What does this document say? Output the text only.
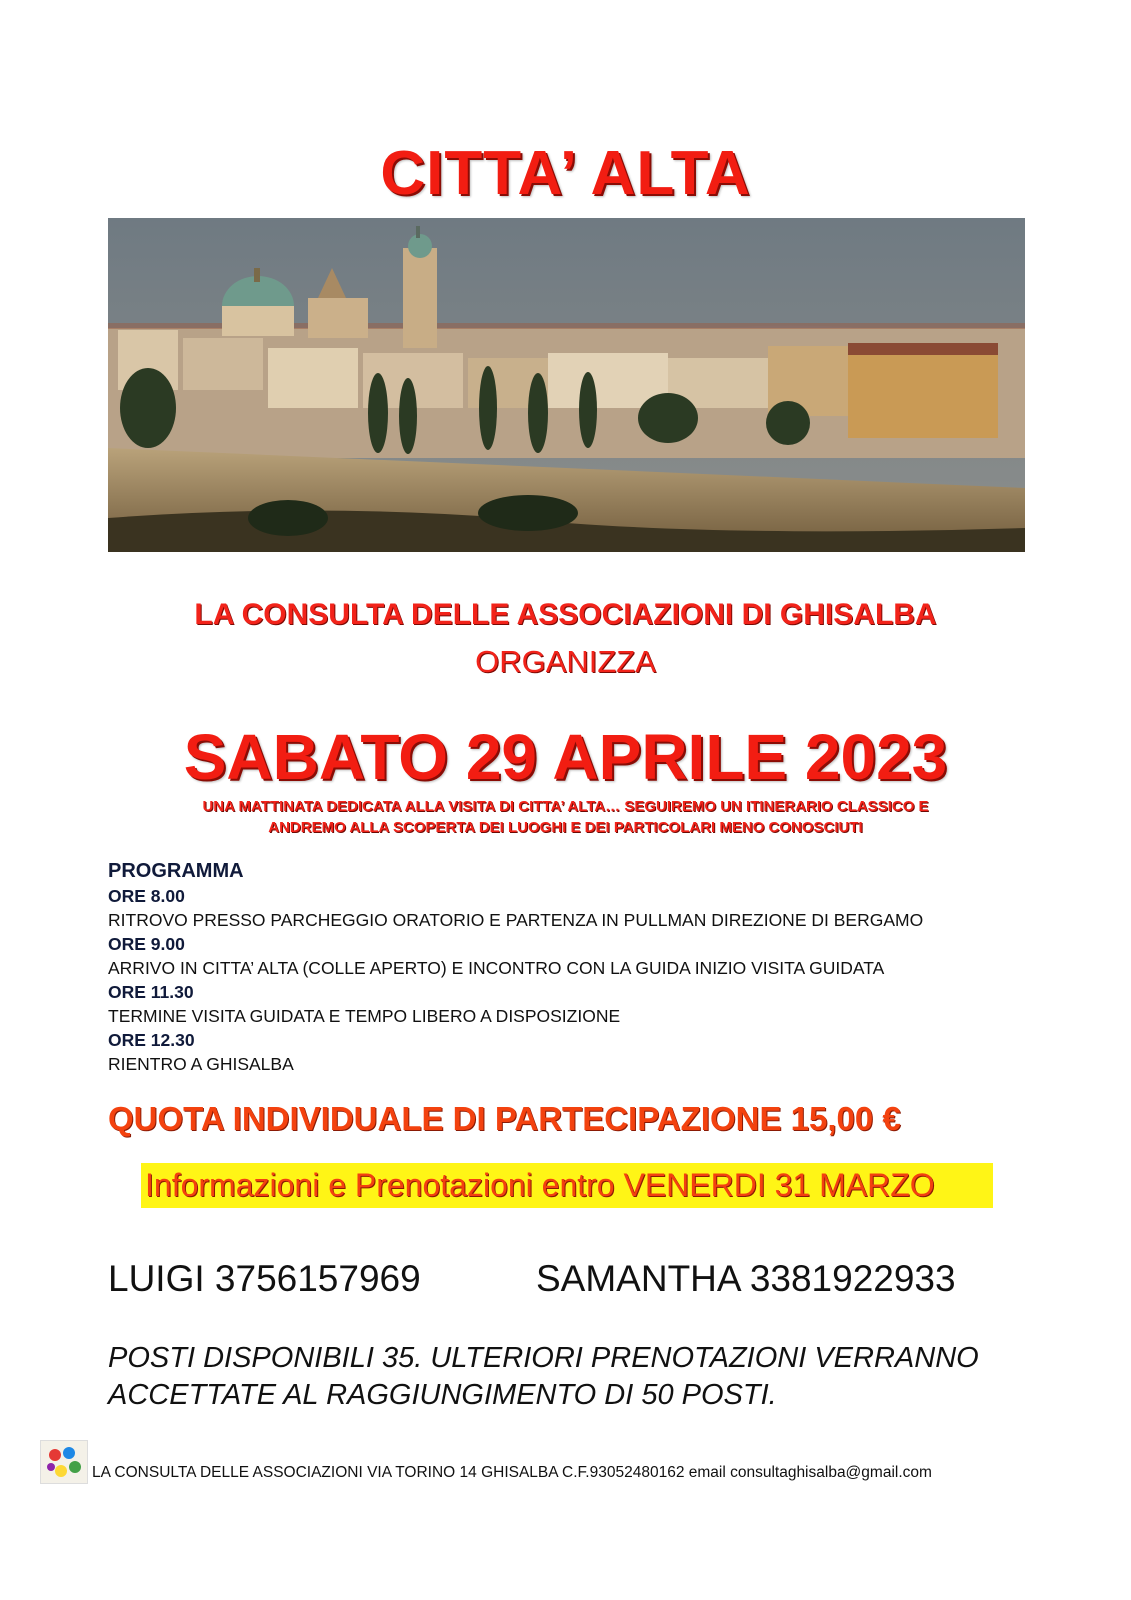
CITTA’ ALTA
LA CONSULTA DELLE ASSOCIAZIONI DI GHISALBA
ORGANIZZA
SABATO 29 APRILE 2023
UNA MATTINATA DEDICATA ALLA VISITA DI CITTA’ ALTA… SEGUIREMO UN ITINERARIO CLASSICO E
ANDREMO ALLA SCOPERTA DEI LUOGHI E DEI PARTICOLARI MENO CONOSCIUTI
PROGRAMMA
ORE 8.00
RITROVO PRESSO PARCHEGGIO ORATORIO E PARTENZA IN PULLMAN DIREZIONE DI BERGAMO
ORE 9.00
ARRIVO IN CITTA’ ALTA (COLLE APERTO) E INCONTRO CON LA GUIDA INIZIO VISITA GUIDATA
ORE 11.30
TERMINE VISITA GUIDATA E TEMPO LIBERO A DISPOSIZIONE
ORE 12.30
RIENTRO A GHISALBA
QUOTA INDIVIDUALE DI PARTECIPAZIONE 15,00 €
Informazioni e Prenotazioni entro VENERDI 31 MARZO
LUIGI 3756157969	SAMANTHA 3381922933
POSTI DISPONIBILI 35. ULTERIORI PRENOTAZIONI VERRANNO
ACCETTATE AL RAGGIUNGIMENTO DI 50 POSTI.
LA CONSULTA DELLE ASSOCIAZIONI VIA TORINO 14 GHISALBA C.F.93052480162 email consultaghisalba@gmail.com
